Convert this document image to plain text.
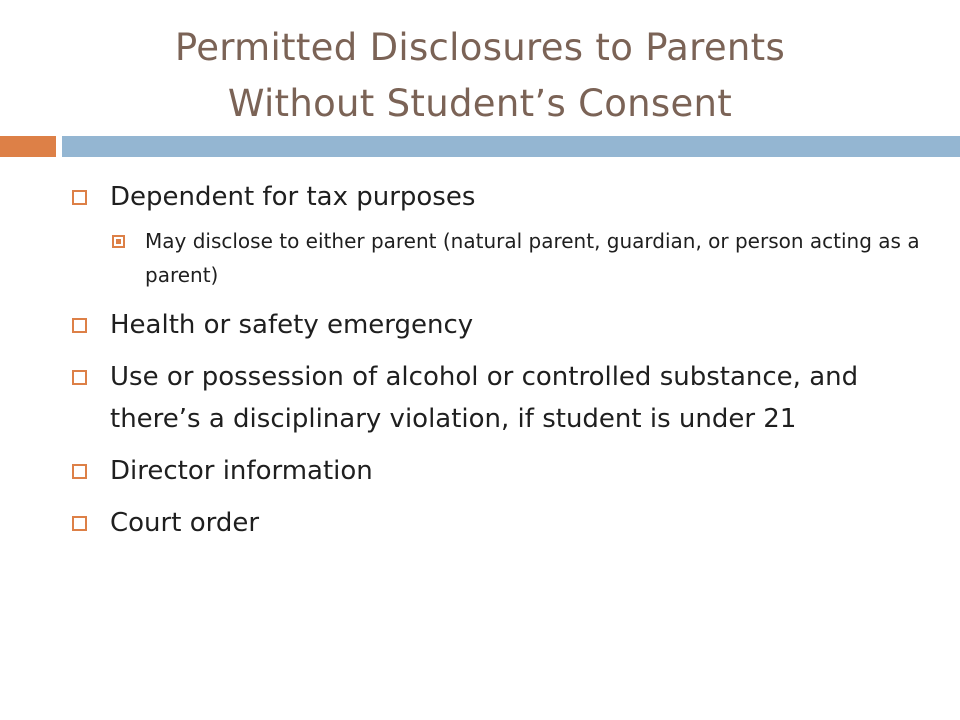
Permitted Disclosures to Parents
Without Student’s Consent
Dependent for tax purposes
May disclose to either parent (natural parent, guardian, or person acting as a parent)
Health or safety emergency
Use or possession of alcohol or controlled substance, and there’s a disciplinary violation, if student is under 21
Director information
Court order
